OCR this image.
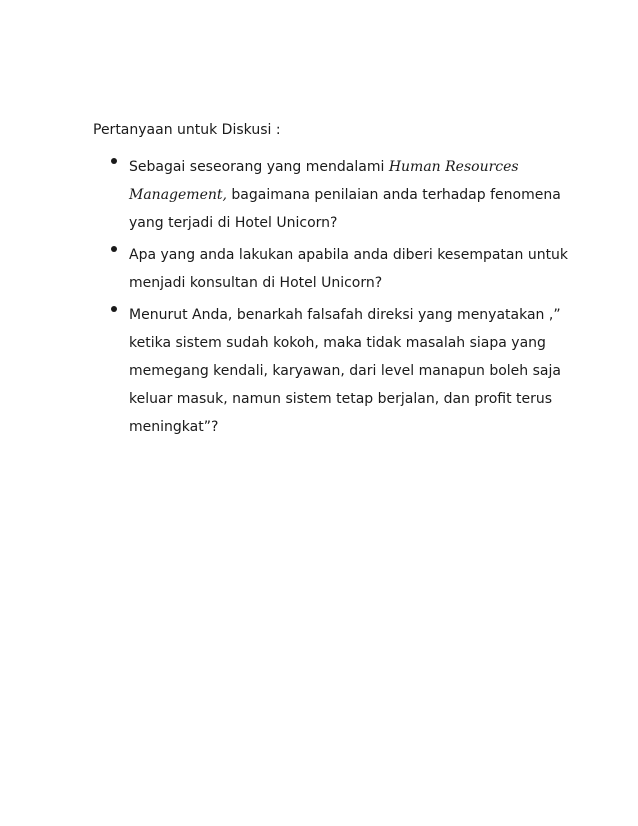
Pertanyaan untuk Diskusi :
Sebagai seseorang yang mendalami Human Resources
Management, bagaimana penilaian anda terhadap fenomena
yang terjadi di Hotel Unicorn?
Apa yang anda lakukan apabila anda diberi kesempatan untuk
menjadi konsultan di Hotel Unicorn?
Menurut Anda, benarkah falsafah direksi yang menyatakan ,”
ketika sistem sudah kokoh, maka tidak masalah siapa yang
memegang kendali, karyawan, dari level manapun boleh saja
keluar masuk, namun sistem tetap berjalan, dan profit terus
meningkat”?
